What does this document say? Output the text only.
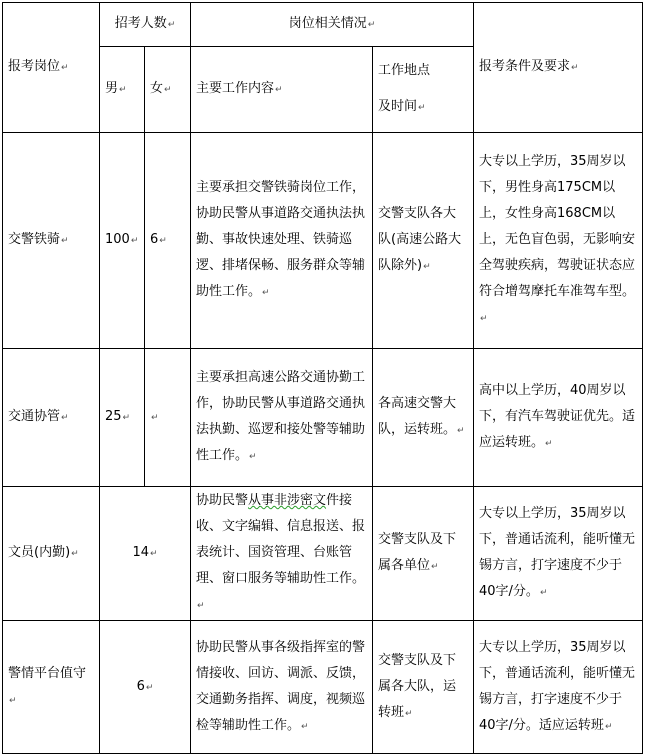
报考岗位↵	招考人数↵		岗位相关情况↵		报考条件及要求↵
	男↵	女↵	主要工作内容↵	工作地点
及时间↵	
交警铁骑↵	100↵	6↵	主要承担交警铁骑岗位工作，协助民警从事道路交通执法执勤、事故快速处理、铁骑巡逻、排堵保畅、服务群众等辅助性工作。↵	交警支队各大队(高速公路大队除外)↵	大专以上学历，35周岁以下，男性身高175CM以上，女性身高168CM以上，无色盲色弱，无影响安全驾驶疾病，驾驶证状态应符合增驾摩托车准驾车型。↵
交通协管↵	25↵	↵	主要承担高速公路交通协勤工作，协助民警从事道路交通执法执勤、巡逻和接处警等辅助性工作。↵	各高速交警大队，运转班。↵	高中以上学历，40周岁以下，有汽车驾驶证优先。适应运转班。↵
文员(内勤)↵	14↵		协助民警从事非涉密文件接收、文字编辑、信息报送、报表统计、国资管理、台账管理、窗口服务等辅助性工作。↵	交警支队及下属各单位↵	大专以上学历，35周岁以下，普通话流利，能听懂无锡方言，打字速度不少于40字/分。↵
警情平台值守↵	6↵		协助民警从事各级指挥室的警情接收、回访、调派、反馈，交通勤务指挥、调度，视频巡检等辅助性工作。↵	交警支队及下属各大队，运转班↵	大专以上学历，35周岁以下，普通话流利，能听懂无锡方言，打字速度不少于40字/分。适应运转班↵
